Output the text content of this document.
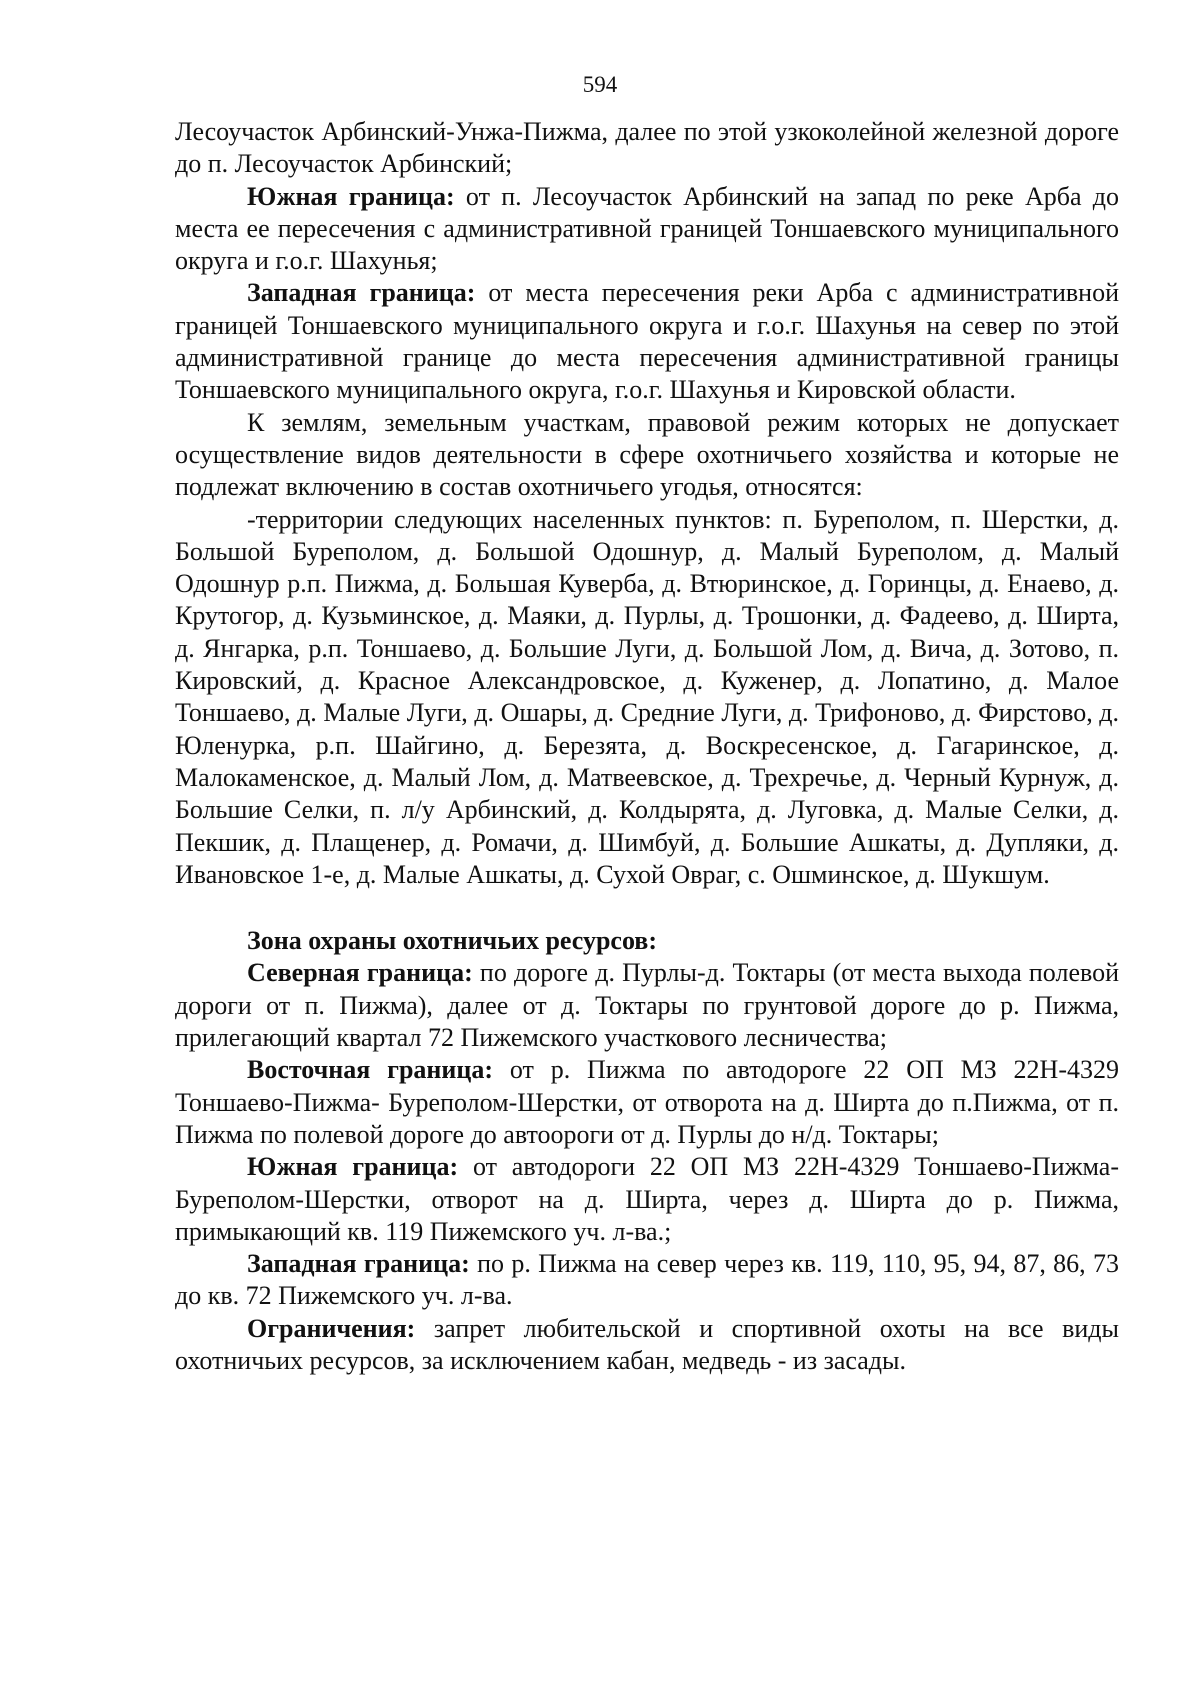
594

Лесоучасток Арбинский-Унжа-Пижма, далее по этой узкоколейной железной дороге до п. Лесоучасток Арбинский;

Южная граница: от п. Лесоучасток Арбинский на запад по реке Арба до места ее пересечения с административной границей Тоншаевского муниципального округа и г.о.г. Шахунья;

Западная граница: от места пересечения реки Арба с административной границей Тоншаевского муниципального округа и г.о.г. Шахунья на север по этой административной границе до места пересечения административной границы Тоншаевского муниципального округа, г.о.г. Шахунья и Кировской области.

К землям, земельным участкам, правовой режим которых не допускает осуществление видов деятельности в сфере охотничьего хозяйства и которые не подлежат включению в состав охотничьего угодья, относятся:

-территории следующих населенных пунктов: п. Буреполом, п. Шерстки, д. Большой Буреполом, д. Большой Одошнур, д. Малый Буреполом, д. Малый Одошнур р.п. Пижма, д. Большая Куверба, д. Втюринское, д. Горинцы, д. Енаево, д. Крутогор, д. Кузьминское, д. Маяки, д. Пурлы, д. Трошонки, д. Фадеево, д. Ширта, д. Янгарка, р.п. Тоншаево, д. Большие Луги, д. Большой Лом, д. Вича, д. Зотово, п. Кировский, д. Красное Александровское, д. Куженер, д. Лопатино, д. Малое Тоншаево, д. Малые Луги, д. Ошары, д. Средние Луги, д. Трифоново, д. Фирстово, д. Юленурка, р.п. Шайгино, д. Березята, д. Воскресенское, д. Гагаринское, д. Малокаменское, д. Малый Лом, д. Матвеевское, д. Трехречье, д. Черный Курнуж, д. Большие Селки, п. л/у Арбинский, д. Колдырята, д. Луговка, д. Малые Селки, д. Пекшик, д. Плащенер, д. Ромачи, д. Шимбуй, д. Большие Ашкаты, д. Дупляки, д. Ивановское 1-е, д. Малые Ашкаты, д. Сухой Овраг, с. Ошминское, д. Шукшум.

Зона охраны охотничьих ресурсов:

Северная граница: по дороге д. Пурлы-д. Токтары (от места выхода полевой дороги от п. Пижма), далее от д. Токтары по грунтовой дороге до р. Пижма, прилегающий квартал 72 Пижемского участкового лесничества;

Восточная граница: от р. Пижма по автодороге 22 ОП МЗ 22Н-4329 Тоншаево-Пижма- Буреполом-Шерстки, от отворота на д. Ширта до п.Пижма, от п. Пижма по полевой дороге до автоороги от д. Пурлы до н/д. Токтары;

Южная граница: от автодороги 22 ОП МЗ 22Н-4329 Тоншаево-Пижма- Буреполом-Шерстки, отворот на д. Ширта, через д. Ширта до р. Пижма, примыкающий кв. 119 Пижемского уч. л-ва.;

Западная граница: по р. Пижма на север через кв. 119, 110, 95, 94, 87, 86, 73 до кв. 72 Пижемского уч. л-ва.

Ограничения: запрет любительской и спортивной охоты на все виды охотничьих ресурсов, за исключением кабан, медведь - из засады.
